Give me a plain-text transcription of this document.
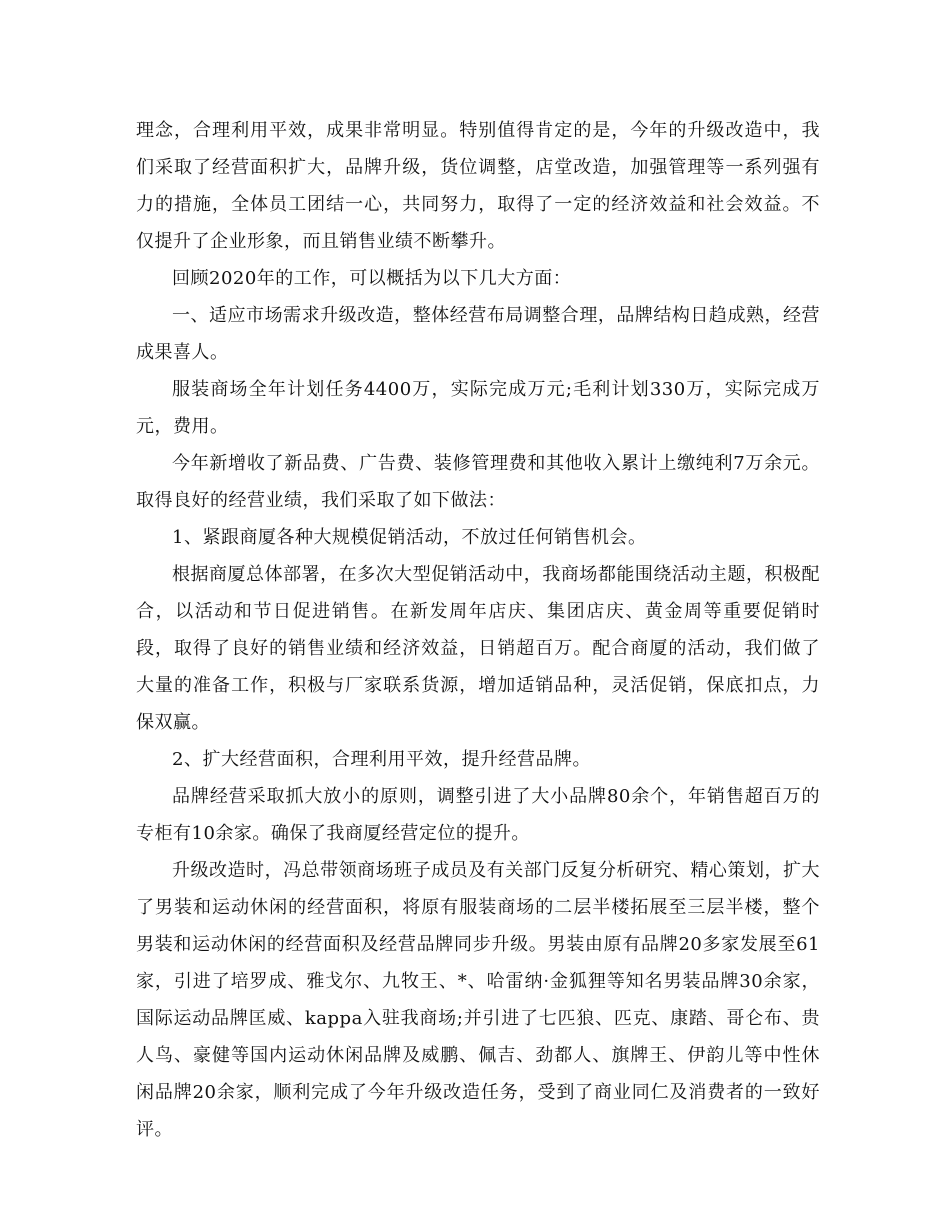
理念，合理利用平效，成果非常明显。特别值得肯定的是，今年的升级改造中，我们采取了经营面积扩大，品牌升级，货位调整，店堂改造，加强管理等一系列强有力的措施，全体员工团结一心，共同努力，取得了一定的经济效益和社会效益。不仅提升了企业形象，而且销售业绩不断攀升。

回顾2020年的工作，可以概括为以下几大方面：

一、适应市场需求升级改造，整体经营布局调整合理，品牌结构日趋成熟，经营成果喜人。

服装商场全年计划任务4400万，实际完成万元;毛利计划330万，实际完成万元，费用。

今年新增收了新品费、广告费、装修管理费和其他收入累计上缴纯利7万余元。取得良好的经营业绩，我们采取了如下做法：

1、紧跟商厦各种大规模促销活动，不放过任何销售机会。

根据商厦总体部署，在多次大型促销活动中，我商场都能围绕活动主题，积极配合，以活动和节日促进销售。在新发周年店庆、集团店庆、黄金周等重要促销时段，取得了良好的销售业绩和经济效益，日销超百万。配合商厦的活动，我们做了大量的准备工作，积极与厂家联系货源，增加适销品种，灵活促销，保底扣点，力保双赢。

2、扩大经营面积，合理利用平效，提升经营品牌。

品牌经营采取抓大放小的原则，调整引进了大小品牌80余个，年销售超百万的专柜有10余家。确保了我商厦经营定位的提升。

升级改造时，冯总带领商场班子成员及有关部门反复分析研究、精心策划，扩大了男装和运动休闲的经营面积，将原有服装商场的二层半楼拓展至三层半楼，整个男装和运动休闲的经营面积及经营品牌同步升级。男装由原有品牌20多家发展至61家，引进了培罗成、雅戈尔、九牧王、*、哈雷纳·金狐狸等知名男装品牌30余家，国际运动品牌匡威、kappa入驻我商场;并引进了七匹狼、匹克、康踏、哥仑布、贵人鸟、豪健等国内运动休闲品牌及威鹏、佩吉、劲都人、旗牌王、伊韵儿等中性休闲品牌20余家，顺利完成了今年升级改造任务，受到了商业同仁及消费者的一致好评。
